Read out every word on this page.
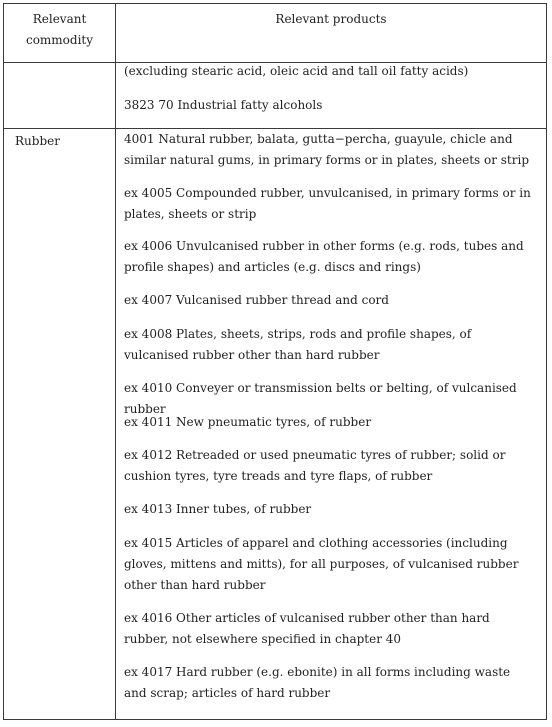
Relevant
commodity
Relevant products
Rubber
(excluding stearic acid, oleic acid and tall oil fatty acids)
3823 70 Industrial fatty alcohols
4001 Natural rubber, balata, gutta−percha, guayule, chicle and similar natural gums, in primary forms or in plates, sheets or strip
ex 4005 Compounded rubber, unvulcanised, in primary forms or in plates, sheets or strip
ex 4006 Unvulcanised rubber in other forms (e.g. rods, tubes and profile shapes) and articles (e.g. discs and rings)
ex 4007 Vulcanised rubber thread and cord
ex 4008 Plates, sheets, strips, rods and profile shapes, of vulcanised rubber other than hard rubber
ex 4010 Conveyer or transmission belts or belting, of vulcanised rubber
ex 4011 New pneumatic tyres, of rubber
ex 4012 Retreaded or used pneumatic tyres of rubber; solid or cushion tyres, tyre treads and tyre flaps, of rubber
ex 4013 Inner tubes, of rubber
ex 4015 Articles of apparel and clothing accessories (including gloves, mittens and mitts), for all purposes, of vulcanised rubber other than hard rubber
ex 4016 Other articles of vulcanised rubber other than hard rubber, not elsewhere specified in chapter 40
ex 4017 Hard rubber (e.g. ebonite) in all forms including waste and scrap; articles of hard rubber
